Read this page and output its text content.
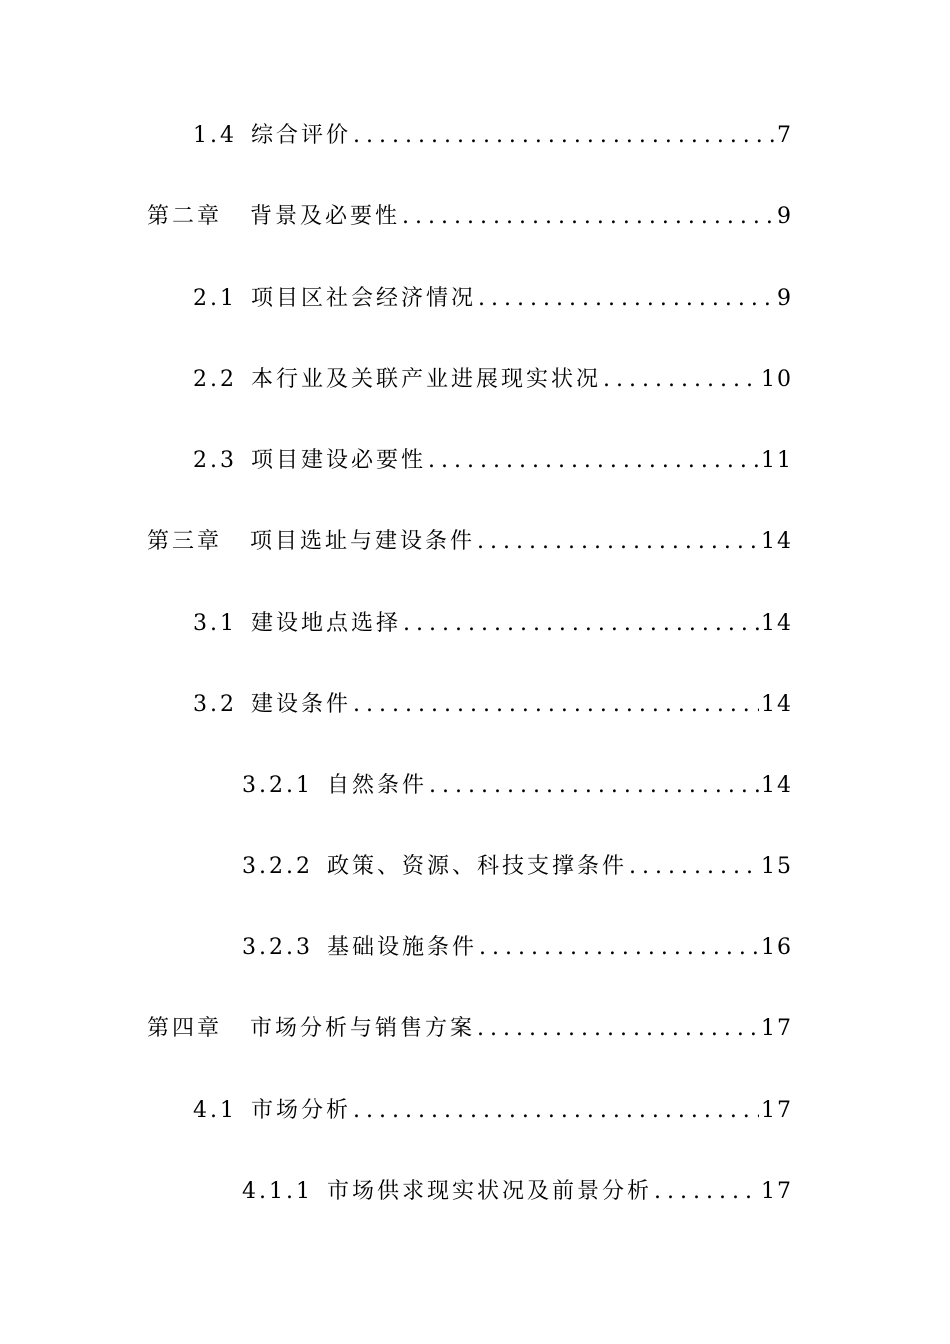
1.4 综合评价 .....	7
第二章 背景及必要性 .....	9
2.1 项目区社会经济情况 .....	9
2.2 本行业及关联产业进展现实状况 .....	10
2.3 项目建设必要性 .....	11
第三章 项目选址与建设条件 .....	14
3.1 建设地点选择 .....	14
3.2 建设条件 .....	14
3.2.1 自然条件 .....	14
3.2.2 政策、资源、科技支撑条件 .....	15
3.2.3 基础设施条件 .....	16
第四章 市场分析与销售方案 .....	17
4.1 市场分析 .....	17
4.1.1 市场供求现实状况及前景分析 .....	17
